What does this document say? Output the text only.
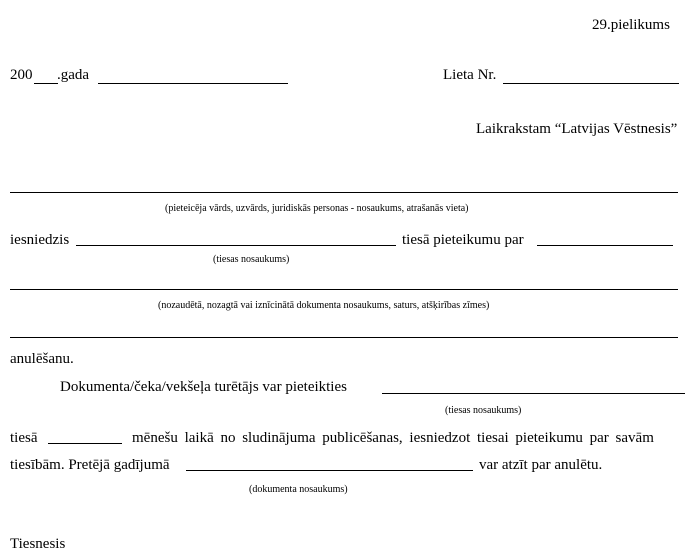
29.pielikums
200 .gada	Lieta Nr.
Laikrakstam “Latvijas Vēstnesis”
(pieteicēja vārds, uzvārds, juridiskās personas - nosaukums, atrašanās vieta)
iesniedzis	tiesā pieteikumu par
(tiesas nosaukums)
(nozaudētā, nozagtā vai iznīcinātā dokumenta nosaukums, saturs, atšķirības zīmes)
anulēšanu.
Dokumenta/čeka/vekšeļa turētājs var pieteikties
(tiesas nosaukums)
tiesā	mēnešu laikā no sludinājuma publicēšanas, iesniedzot tiesai pieteikumu par savām
tiesībām. Pretējā gadījumā	var atzīt par anulētu.
(dokumenta nosaukums)
Tiesnesis
